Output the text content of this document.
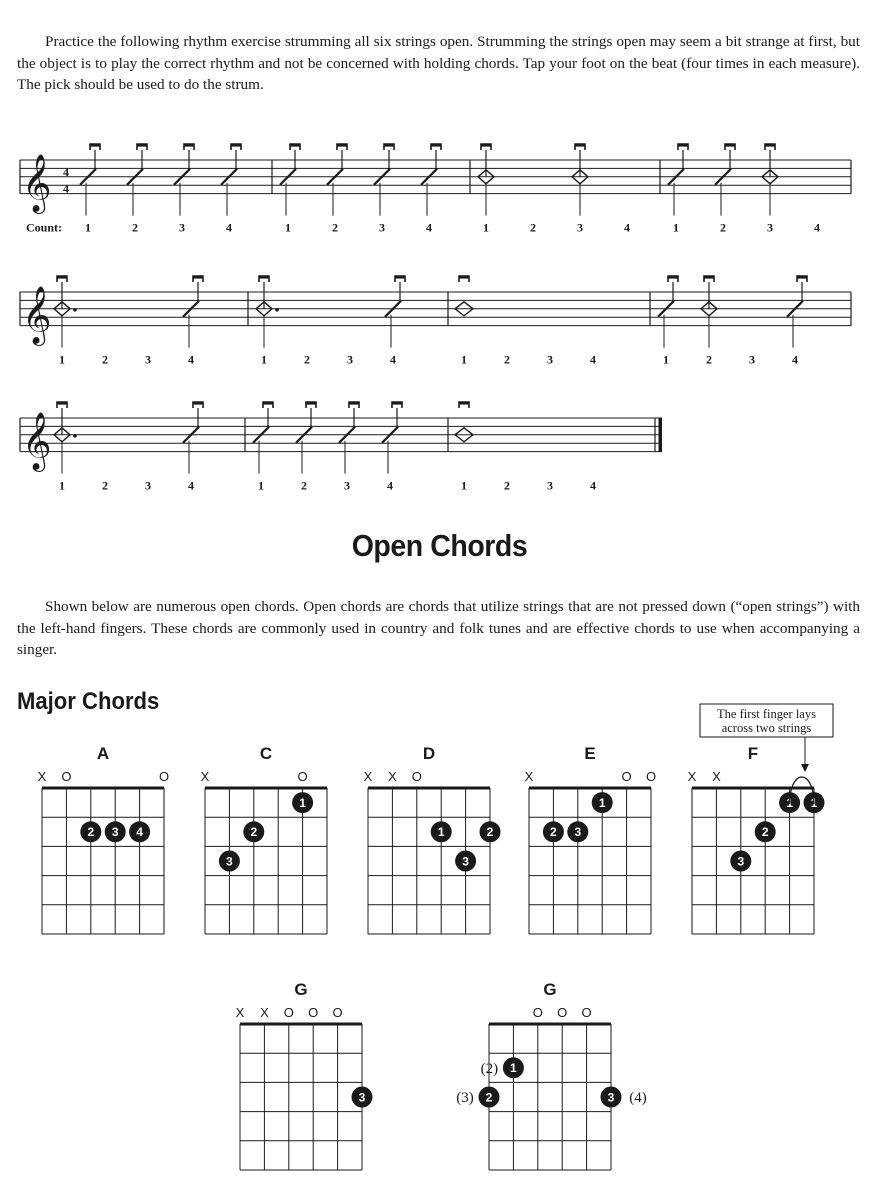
Practice the following rhythm exercise strumming all six strings open. Strumming the strings open may seem a bit strange at first, but the object is to play the correct rhythm and not be concerned with holding chords. Tap your foot on the beat (four times in each measure). The pick should be used to do the strum.

𝄞 4
4
Count: 1	2	3	4	1	2	3	4	1	2	3	4	1	2	3	4
𝄞
1	2	3	4	1	2	3	4	1	2	3	4	1	2	3	4
𝄞
1	2	3	4	1	2	3	4	1	2	3	4
Open Chords

Shown below are numerous open chords. Open chords are chords that utilize strings that are not pressed down (“open strings”) with the left-hand fingers. These chords are commonly used in country and folk tunes and are effective chords to use when accompanying a singer.

Major Chords
A
X O	O
2 3 4
C
X	O
1
2
3
D
X X O
1	2
3
E
X	O O
1
2 3
F
X X
1 1
2
3
The first finger lays
across two strings
G
X X O O O
3
G
O O O
1
2	3
(2)
(3)	(4)
